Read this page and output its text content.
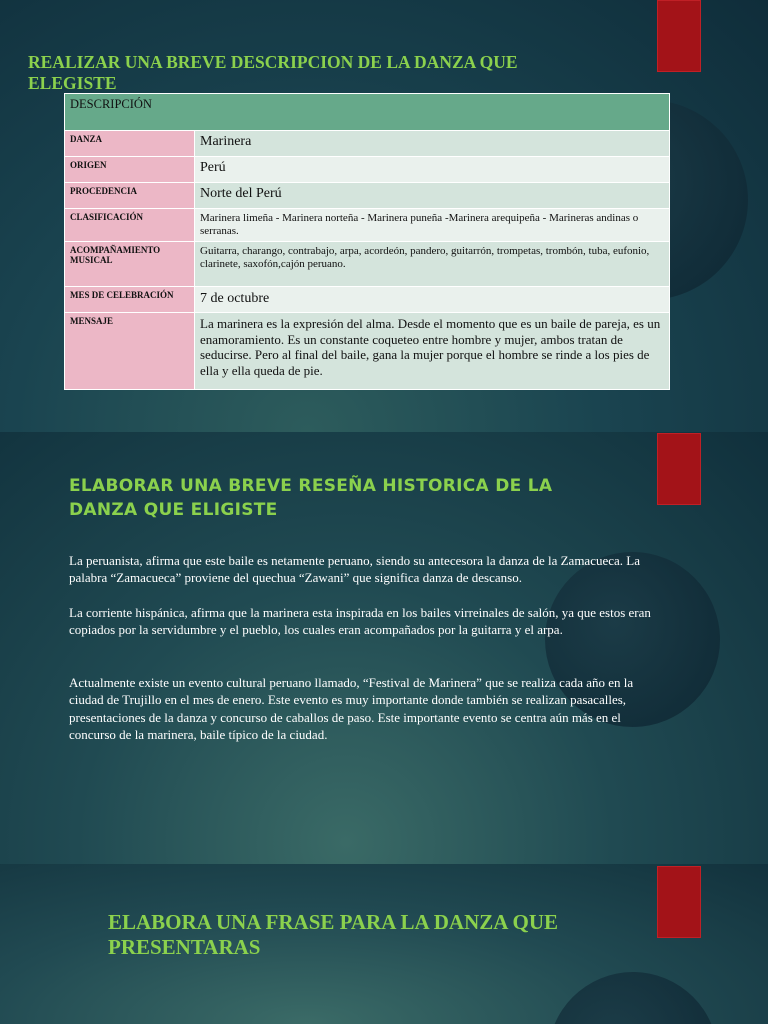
REALIZAR UNA BREVE DESCRIPCION DE LA DANZA QUE ELEGISTE
DESCRIPCIÓN	
DANZA	Marinera
ORIGEN	Perú
PROCEDENCIA	Norte del Perú
CLASIFICACIÓN	Marinera limeña - Marinera norteña - Marinera puneña -Marinera arequipeña - Marineras andinas o serranas.
ACOMPAÑAMIENTO MUSICAL	Guitarra, charango, contrabajo, arpa, acordeón, pandero, guitarrón, trompetas, trombón, tuba, eufonio, clarinete, saxofón,cajón peruano.
MES DE CELEBRACIÓN	7 de octubre
MENSAJE	La marinera es la expresión del alma. Desde el momento que es un baile de pareja, es un enamoramiento. Es un constante coqueteo entre hombre y mujer, ambos tratan de seducirse. Pero al final del baile, gana la mujer porque el hombre se rinde a los pies de ella y ella queda de pie.
ELABORAR UNA BREVE RESEÑA HISTORICA DE LA DANZA QUE ELIGISTE

La peruanista, afirma que este baile es netamente peruano, siendo su antecesora la danza de la Zamacueca. La palabra “Zamacueca” proviene del quechua “Zawani” que significa danza de descanso.

La corriente hispánica, afirma que la marinera esta inspirada en los bailes virreinales de salón, ya que estos eran copiados por la servidumbre y el pueblo, los cuales eran acompañados por la guitarra y el arpa.

Actualmente existe un evento cultural peruano llamado, “Festival de Marinera” que se realiza cada año en la ciudad de Trujillo en el mes de enero. Este evento es muy importante donde también se realizan pasacalles, presentaciones de la danza y concurso de caballos de paso. Este importante evento se centra aún más en el concurso de la marinera, baile típico de la ciudad.

ELABORA UNA FRASE PARA LA DANZA QUE PRESENTARAS
